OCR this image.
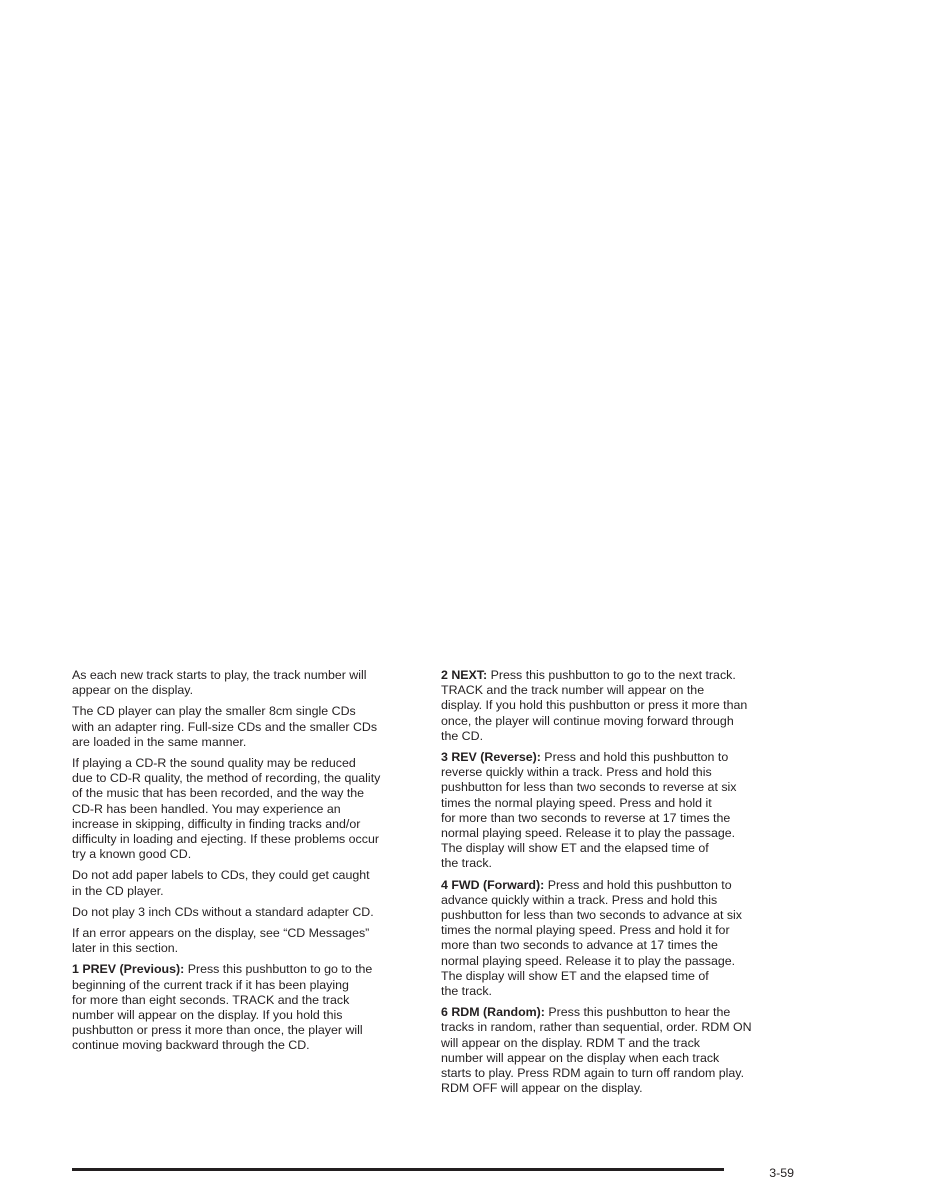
As each new track starts to play, the track number will
appear on the display.

The CD player can play the smaller 8cm single CDs
with an adapter ring. Full-size CDs and the smaller CDs
are loaded in the same manner.

If playing a CD-R the sound quality may be reduced
due to CD-R quality, the method of recording, the quality
of the music that has been recorded, and the way the
CD-R has been handled. You may experience an
increase in skipping, difficulty in finding tracks and/or
difficulty in loading and ejecting. If these problems occur
try a known good CD.

Do not add paper labels to CDs, they could get caught
in the CD player.

Do not play 3 inch CDs without a standard adapter CD.

If an error appears on the display, see “CD Messages”
later in this section.

1 PREV (Previous): Press this pushbutton to go to the
beginning of the current track if it has been playing
for more than eight seconds. TRACK and the track
number will appear on the display. If you hold this
pushbutton or press it more than once, the player will
continue moving backward through the CD.

2 NEXT: Press this pushbutton to go to the next track.
TRACK and the track number will appear on the
display. If you hold this pushbutton or press it more than
once, the player will continue moving forward through
the CD.

3 REV (Reverse): Press and hold this pushbutton to
reverse quickly within a track. Press and hold this
pushbutton for less than two seconds to reverse at six
times the normal playing speed. Press and hold it
for more than two seconds to reverse at 17 times the
normal playing speed. Release it to play the passage.
The display will show ET and the elapsed time of
the track.

4 FWD (Forward): Press and hold this pushbutton to
advance quickly within a track. Press and hold this
pushbutton for less than two seconds to advance at six
times the normal playing speed. Press and hold it for
more than two seconds to advance at 17 times the
normal playing speed. Release it to play the passage.
The display will show ET and the elapsed time of
the track.

6 RDM (Random): Press this pushbutton to hear the
tracks in random, rather than sequential, order. RDM ON
will appear on the display. RDM T and the track
number will appear on the display when each track
starts to play. Press RDM again to turn off random play.
RDM OFF will appear on the display.

3-59
